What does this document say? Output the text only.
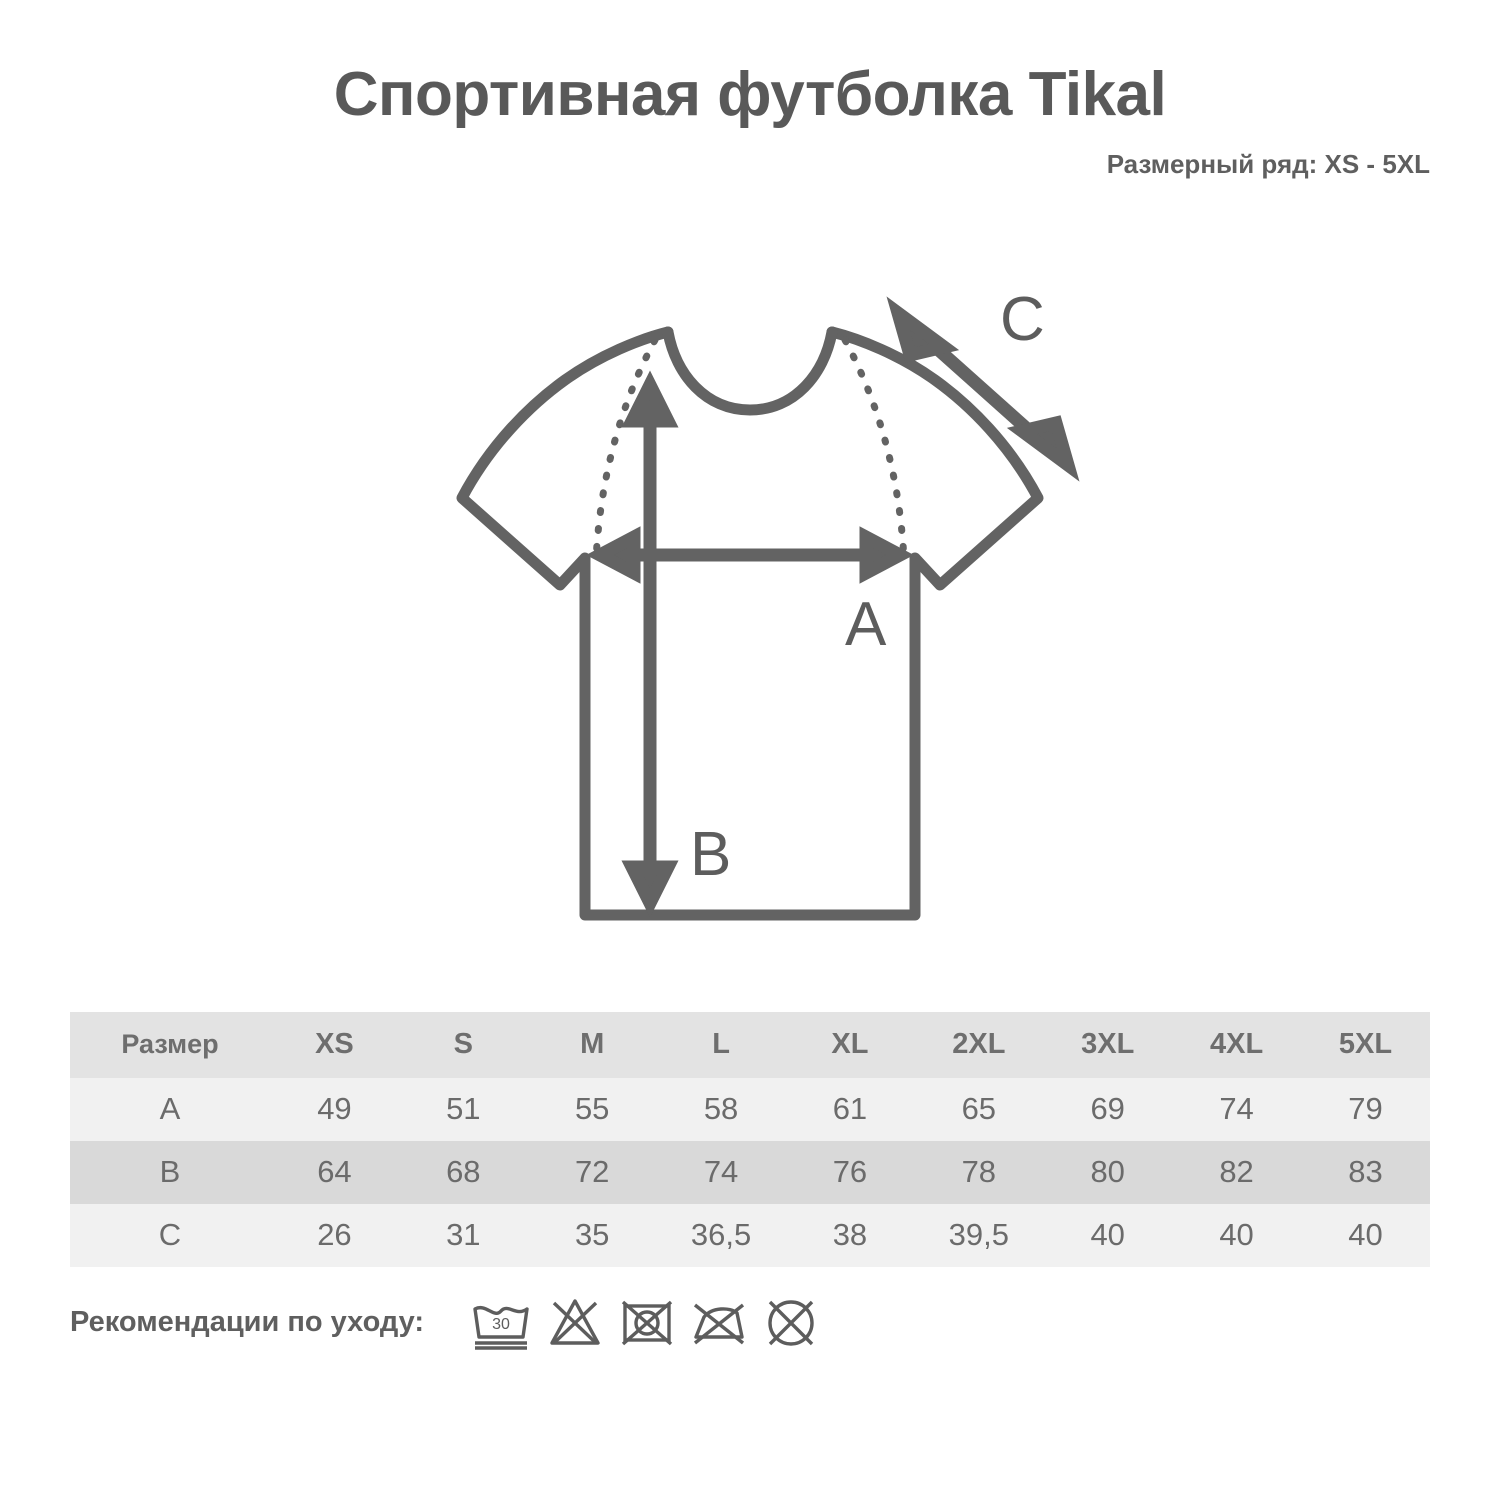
Спортивная футболка Tikal
Размерный ряд: XS - 5XL
A
B
C
Размер	XS	S	M	L	XL	2XL	3XL	4XL	5XL
A	49	51	55	58	61	65	69	74	79
B	64	68	72	74	76	78	80	82	83
C	26	31	35	36,5	38	39,5	40	40	40
Рекомендации по уходу:	30
